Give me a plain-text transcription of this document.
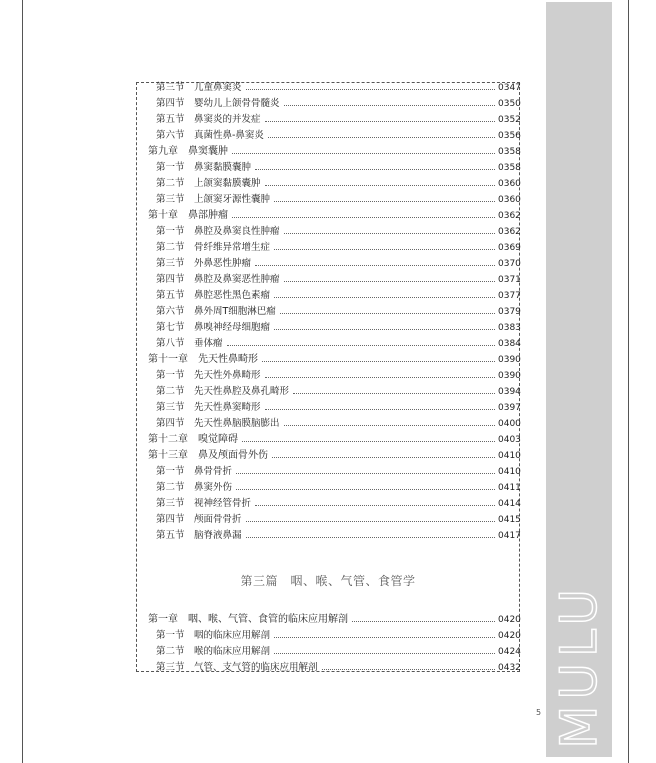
MULU
第三节　儿童鼻窦炎	0347
第四节　婴幼儿上颌骨骨髓炎	0350
第五节　鼻窦炎的并发症	0352
第六节　真菌性鼻-鼻窦炎	0356
第九章　鼻窦囊肿	0358
第一节　鼻窦黏膜囊肿	0358
第二节　上颌窦黏膜囊肿	0360
第三节　上颌窦牙源性囊肿	0360
第十章　鼻部肿瘤	0362
第一节　鼻腔及鼻窦良性肿瘤	0362
第二节　骨纤维异常增生症	0369
第三节　外鼻恶性肿瘤	0370
第四节　鼻腔及鼻窦恶性肿瘤	0371
第五节　鼻腔恶性黑色素瘤	0377
第六节　鼻外周T细胞淋巴瘤	0379
第七节　鼻嗅神经母细胞瘤	0383
第八节　垂体瘤	0384
第十一章　先天性鼻畸形	0390
第一节　先天性外鼻畸形	0390
第二节　先天性鼻腔及鼻孔畸形	0394
第三节　先天性鼻窦畸形	0397
第四节　先天性鼻脑膜脑膨出	0400
第十二章　嗅觉障碍	0403
第十三章　鼻及颅面骨外伤	0410
第一节　鼻骨骨折	0410
第二节　鼻窦外伤	0411
第三节　视神经管骨折	0414
第四节　颅面骨骨折	0415
第五节　脑脊液鼻漏	0417
第三篇　咽、喉、气管、食管学
第一章　咽、喉、气管、食管的临床应用解剖	0420
第一节　咽的临床应用解剖	0420
第二节　喉的临床应用解剖	0424
第三节　气管、支气管的临床应用解剖	0432
5
